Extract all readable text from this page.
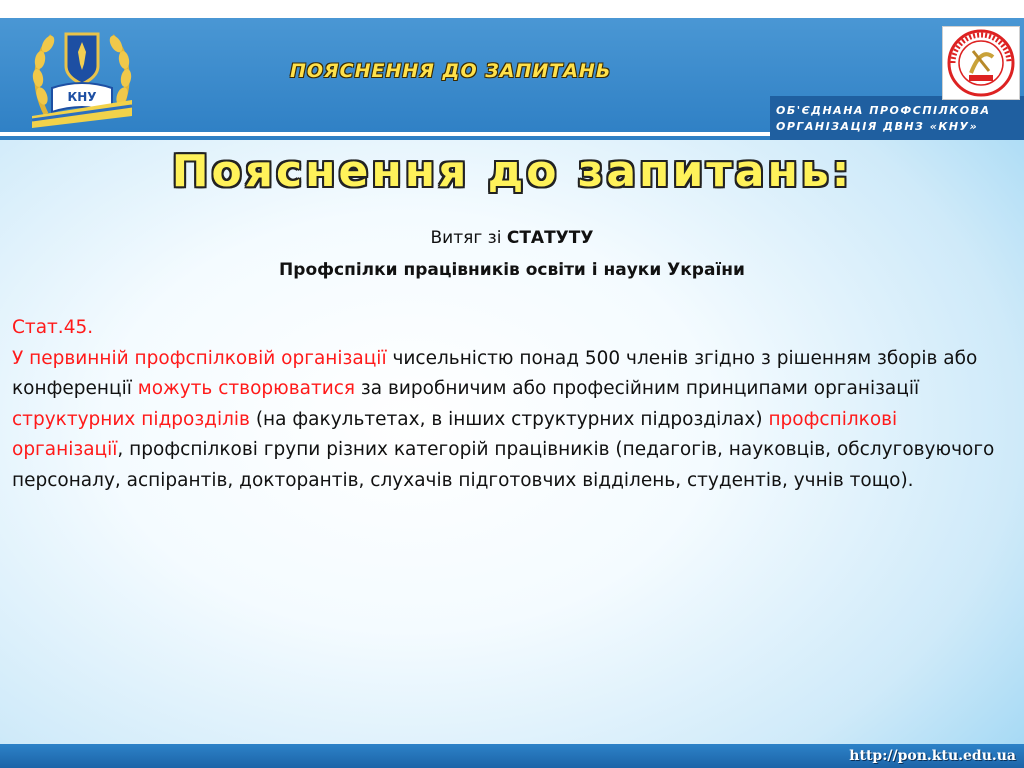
КНУ
ПОЯСНЕННЯ ДО ЗАПИТАНЬ
ОБ'ЄДНАНА ПРОФСПІЛКОВА
ОРГАНІЗАЦІЯ ДВНЗ «КНУ»
Пояснення до запитань:
Витяг зі СТАТУТУ
Профспілки працівників освіти і науки України
Стат.45.
У первинній профспілковій організації чисельністю понад 500 членів згідно з рішенням зборів або конференції можуть створюватися за виробничим або професійним принципами організації структурних підрозділів (на факультетах, в інших структурних підрозділах) профспілкові організації, профспілкові групи різних категорій працівників (педагогів, науковців, обслуговуючого персоналу, аспірантів, докторантів, слухачів підготовчих відділень, студентів, учнів тощо).
http://pon.ktu.edu.ua
